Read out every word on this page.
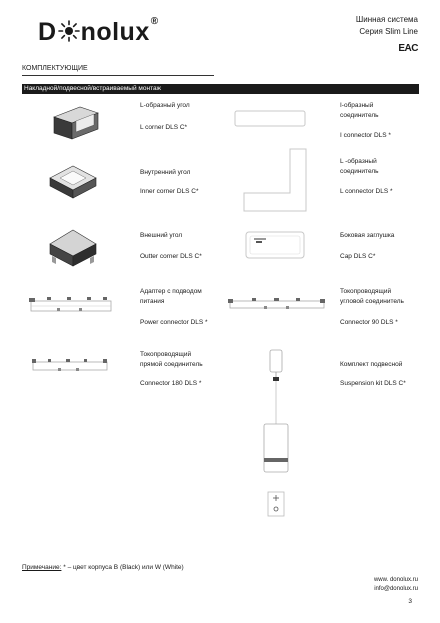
D nolux ®	Шинная система
Серия Slim Line
EAC
КОМПЛЕКТУЮЩИЕ
Накладной/подвесной/встраиваемый монтаж
L-образный угол
L corner DLS C*
I-образный
соединитель
I connector DLS *
Внутренний угол
Inner corner DLS C*
L -образный
соединитель
L connector DLS *
Внешний угол
Outter corner DLS C*
Боковая заглушка
Cap DLS C*
Адаптер с подводом
питания
Power connector DLS *
Токопроводящий
угловой соединитель
Connector 90 DLS *
Токопроводящий
прямой соединитель
Connector 180 DLS *
Комплект подвесной
Suspension kit DLS C*
Примечание: * – цвет корпуса B (Black) или W (White)
www. donolux.ru
info@donolux.ru
3
